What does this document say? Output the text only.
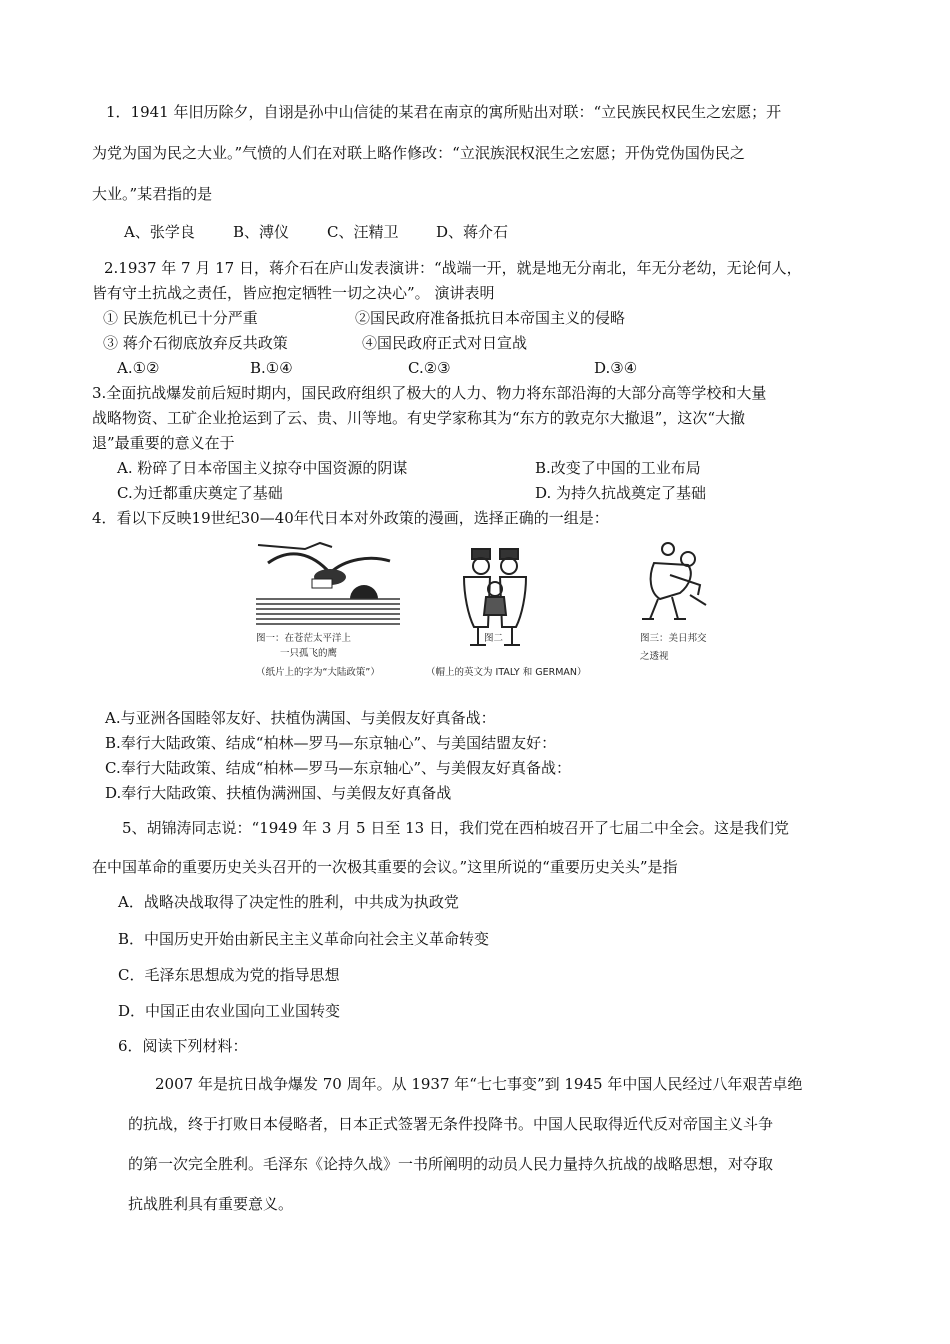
1．1941 年旧历除夕，自诩是孙中山信徒的某君在南京的寓所贴出对联：“立民族民权民生之宏愿；开
为党为国为民之大业。”气愤的人们在对联上略作修改：“立泯族泯权泯生之宏愿；开伪党伪国伪民之
大业。”某君指的是
A、张学良	B、溥仪	C、汪精卫	D、蒋介石
2.1937 年 7 月 17 日，蒋介石在庐山发表演讲：“战端一开，就是地无分南北，年无分老幼，无论何人，
皆有守土抗战之责任，皆应抱定牺牲一切之决心”。 演讲表明
① 民族危机已十分严重	②国民政府准备抵抗日本帝国主义的侵略
③ 蒋介石彻底放弃反共政策	④国民政府正式对日宣战
A.①②	B.①④	C.②③	D.③④
3.全面抗战爆发前后短时期内，国民政府组织了极大的人力、物力将东部沿海的大部分高等学校和大量
战略物资、工矿企业抢运到了云、贵、川等地。有史学家称其为“东方的敦克尔大撤退”，这次“大撤
退”最重要的意义在于
A. 粉碎了日本帝国主义掠夺中国资源的阴谋	B.改变了中国的工业布局
C.为迁都重庆奠定了基础	D. 为持久抗战奠定了基础
4．看以下反映19世纪30—40年代日本对外政策的漫画，选择正确的一组是：
图一：在苍茫太平洋上
一只孤飞的鹰
（纸片上的字为“大陆政策”）
图二
（帽上的英文为 ITALY 和 GERMAN）
图三：美日邦交
之透视
A.与亚洲各国睦邻友好、扶植伪满国、与美假友好真备战：
B.奉行大陆政策、结成“柏林—罗马—东京轴心”、与美国结盟友好：
C.奉行大陆政策、结成“柏林—罗马—东京轴心”、与美假友好真备战：
D.奉行大陆政策、扶植伪满洲国、与美假友好真备战
5、胡锦涛同志说：“1949 年 3 月 5 日至 13 日，我们党在西柏坡召开了七届二中全会。这是我们党
在中国革命的重要历史关头召开的一次极其重要的会议。”这里所说的“重要历史关头”是指
A．战略决战取得了决定性的胜利，中共成为执政党
B．中国历史开始由新民主主义革命向社会主义革命转变
C．毛泽东思想成为党的指导思想
D．中国正由农业国向工业国转变
6．阅读下列材料：
2007 年是抗日战争爆发 70 周年。从 1937 年“七七事变”到 1945 年中国人民经过八年艰苦卓绝
的抗战，终于打败日本侵略者，日本正式签署无条件投降书。中国人民取得近代反对帝国主义斗争
的第一次完全胜利。毛泽东《论持久战》一书所阐明的动员人民力量持久抗战的战略思想，对夺取
抗战胜利具有重要意义。
